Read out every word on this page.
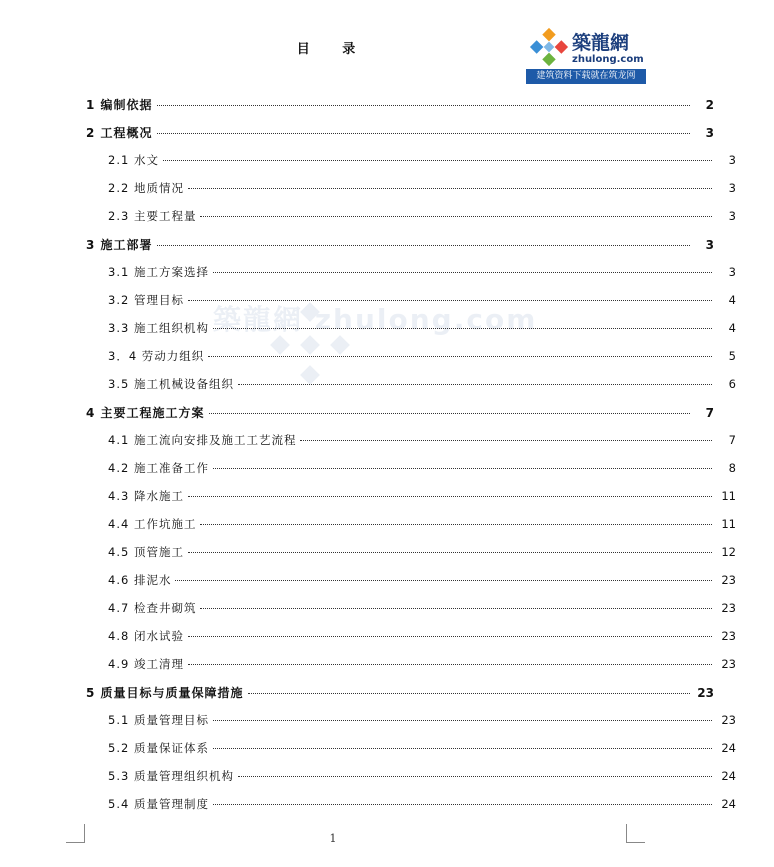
目 录	築龍網
zhulong.com
建筑资料下载就在筑龙网
築龍網 zhulong.com
1 编制依据	2
2 工程概况	3
2.1 水文	3
2.2 地质情况	3
2.3 主要工程量	3
3 施工部署	3
3.1 施工方案选择	3
3.2 管理目标	4
3.3 施工组织机构	4
3．4 劳动力组织	5
3.5 施工机械设备组织	6
4 主要工程施工方案	7
4.1 施工流向安排及施工工艺流程	7
4.2 施工准备工作	8
4.3 降水施工	11
4.4 工作坑施工	11
4.5 顶管施工	12
4.6 排泥水	23
4.7 检查井砌筑	23
4.8 闭水试验	23
4.9 竣工清理	23
5 质量目标与质量保障措施	23
5.1 质量管理目标	23
5.2 质量保证体系	24
5.3 质量管理组织机构	24
5.4 质量管理制度	24
1
